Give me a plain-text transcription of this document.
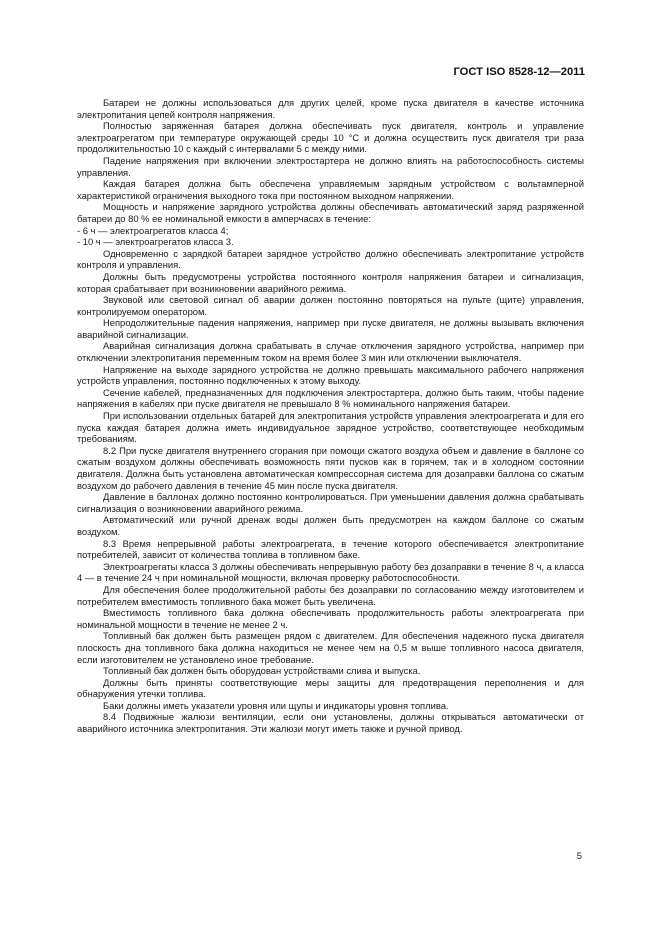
ГОСТ ISO 8528-12—2011

Батареи не должны использоваться для других целей, кроме пуска двигателя в качестве источника электропитания цепей контроля напряжения.

Полностью заряженная батарея должна обеспечивать пуск двигателя, контроль и управление электроагрегатом при температуре окружающей среды 10 °C и должна осуществить пуск двигателя три раза продолжительностью 10 с каждый с интервалами 5 с между ними.

Падение напряжения при включении электростартера не должно влиять на работоспособность системы управления.

Каждая батарея должна быть обеспечена управляемым зарядным устройством с вольтамперной характеристикой ограничения выходного тока при постоянном выходном напряжении.

Мощность и напряжение зарядного устройства должны обеспечивать автоматический заряд разряженной батареи до 80 % ее номинальной емкости в амперчасах в течение:

- 6 ч — электроагрегатов класса 4;

- 10 ч — электроагрегатов класса 3.

Одновременно с зарядкой батареи зарядное устройство должно обеспечивать электропитание устройств контроля и управления.

Должны быть предусмотрены устройства постоянного контроля напряжения батареи и сигнализация, которая срабатывает при возникновении аварийного режима.

Звуковой или световой сигнал об аварии должен постоянно повторяться на пульте (щите) управления, контролируемом оператором.

Непродолжительные падения напряжения, например при пуске двигателя, не должны вызывать включения аварийной сигнализации.

Аварийная сигнализация должна срабатывать в случае отключения зарядного устройства, например при отключении электропитания переменным током на время более 3 мин или отключении выключателя.

Напряжение на выходе зарядного устройства не должно превышать максимального рабочего напряжения устройств управления, постоянно подключенных к этому выходу.

Сечение кабелей, предназначенных для подключения электростартера, должно быть таким, чтобы падение напряжения в кабелях при пуске двигателя не превышало 8 % номинального напряжения батареи.

При использовании отдельных батарей для электропитания устройств управления электроагрегата и для его пуска каждая батарея должна иметь индивидуальное зарядное устройство, соответствующее необходимым требованиям.

8.2 При пуске двигателя внутреннего сгорания при помощи сжатого воздуха объем и давление в баллоне со сжатым воздухом должны обеспечивать возможность пяти пусков как в горячем, так и в холодном состоянии двигателя. Должна быть установлена автоматическая компрессорная система для дозаправки баллона со сжатым воздухом до рабочего давления в течение 45 мин после пуска двигателя.

Давление в баллонах должно постоянно контролироваться. При уменьшении давления должна срабатывать сигнализация о возникновении аварийного режима.

Автоматический или ручной дренаж воды должен быть предусмотрен на каждом баллоне со сжатым воздухом.

8.3 Время непрерывной работы электроагрегата, в течение которого обеспечивается электропитание потребителей, зависит от количества топлива в топливном баке.

Электроагрегаты класса 3 должны обеспечивать непрерывную работу без дозаправки в течение 8 ч, а класса 4 — в течение 24 ч при номинальной мощности, включая проверку работоспособности.

Для обеспечения более продолжительной работы без дозаправки по согласованию между изготовителем и потребителем вместимость топливного бака может быть увеличена.

Вместимость топливного бака должна обеспечивать продолжительность работы электроагрегата при номинальной мощности в течение не менее 2 ч.

Топливный бак должен быть размещен рядом с двигателем. Для обеспечения надежного пуска двигателя плоскость дна топливного бака должна находиться не менее чем на 0,5 м выше топливного насоса двигателя, если изготовителем не установлено иное требование.

Топливный бак должен быть оборудован устройствами слива и выпуска.

Должны быть приняты соответствующие меры защиты для предотвращения переполнения и для обнаружения утечки топлива.

Баки должны иметь указатели уровня или щупы и индикаторы уровня топлива.

8.4 Подвижные жалюзи вентиляции, если они установлены, должны открываться автоматически от аварийного источника электропитания. Эти жалюзи могут иметь также и ручной привод.

5
